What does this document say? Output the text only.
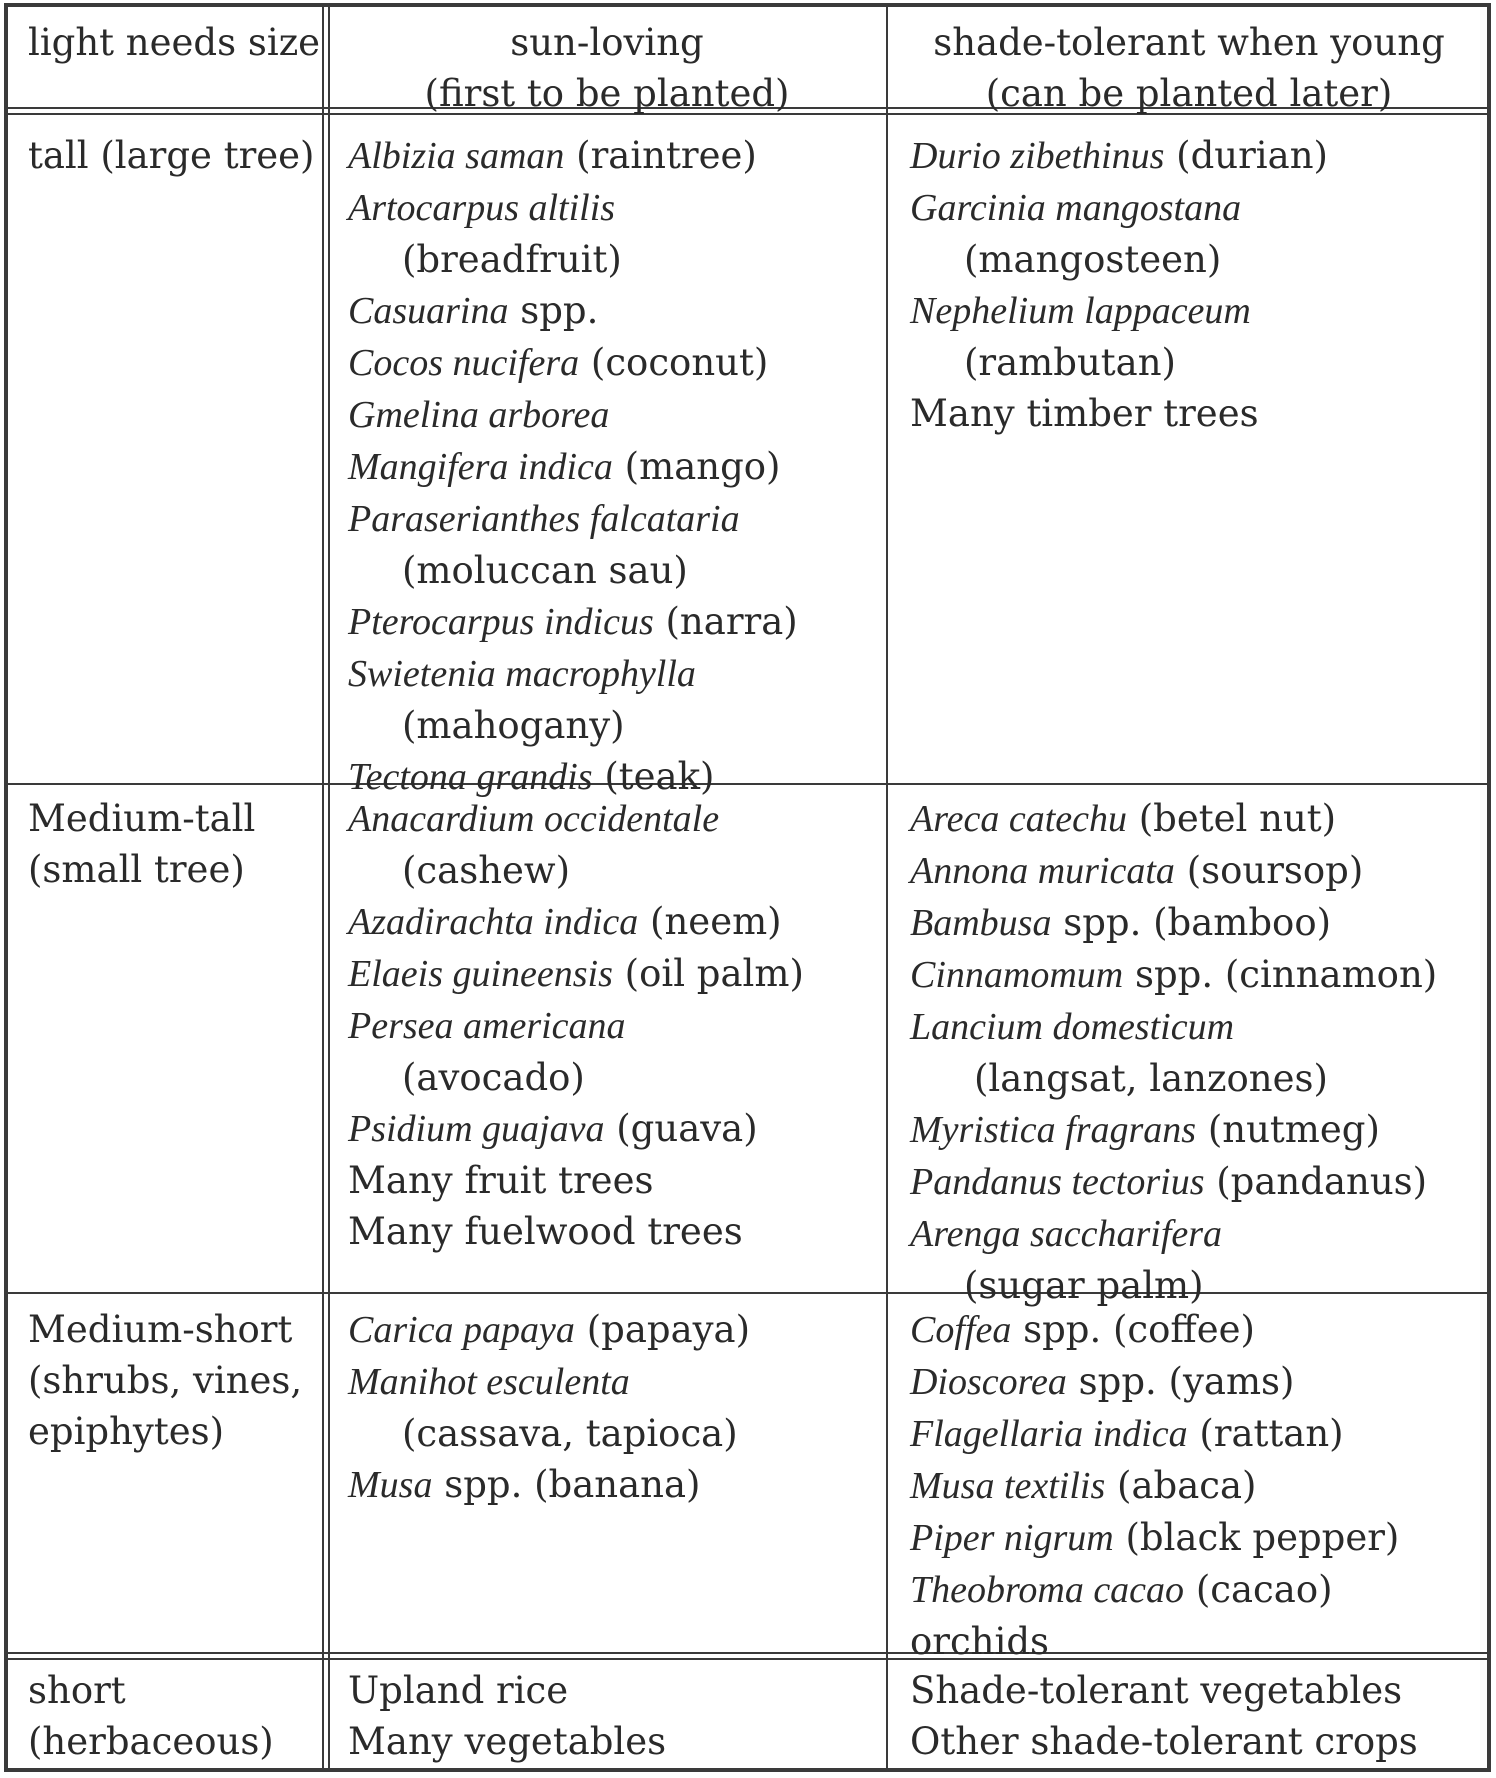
light needs size	sun-loving
(first to be planted)
shade-tolerant when young
(can be planted later)
tall (large tree) Albizia saman (raintree)
Artocarpus altilis
(breadfruit)
Casuarina spp.
Cocos nucifera (coconut)
Gmelina arborea
Mangifera indica (mango)
Paraserianthes falcataria
(moluccan sau)
Pterocarpus indicus (narra)
Swietenia macrophylla
(mahogany)
Tectona grandis (teak)
Durio zibethinus (durian)
Garcinia mangostana
(mangosteen)
Nephelium lappaceum
(rambutan)
Many timber trees
Medium-tall
(small tree)
Anacardium occidentale
(cashew)
Azadirachta indica (neem)
Elaeis guineensis (oil palm)
Persea americana
(avocado)
Psidium guajava (guava)
Many fruit trees
Many fuelwood trees
Areca catechu (betel nut)
Annona muricata (soursop)
Bambusa spp. (bamboo)
Cinnamomum spp. (cinnamon)
Lancium domesticum
(langsat, lanzones)
Myristica fragrans (nutmeg)
Pandanus tectorius (pandanus)
Arenga saccharifera
(sugar palm)
Medium-short
(shrubs, vines,
epiphytes)
Carica papaya (papaya)
Manihot esculenta
(cassava, tapioca)
Musa spp. (banana)
Coffea spp. (coffee)
Dioscorea spp. (yams)
Flagellaria indica (rattan)
Musa textilis (abaca)
Piper nigrum (black pepper)
Theobroma cacao (cacao)
orchids
short
(herbaceous)
Upland rice
Many vegetables
Shade-tolerant vegetables
Other shade-tolerant crops
